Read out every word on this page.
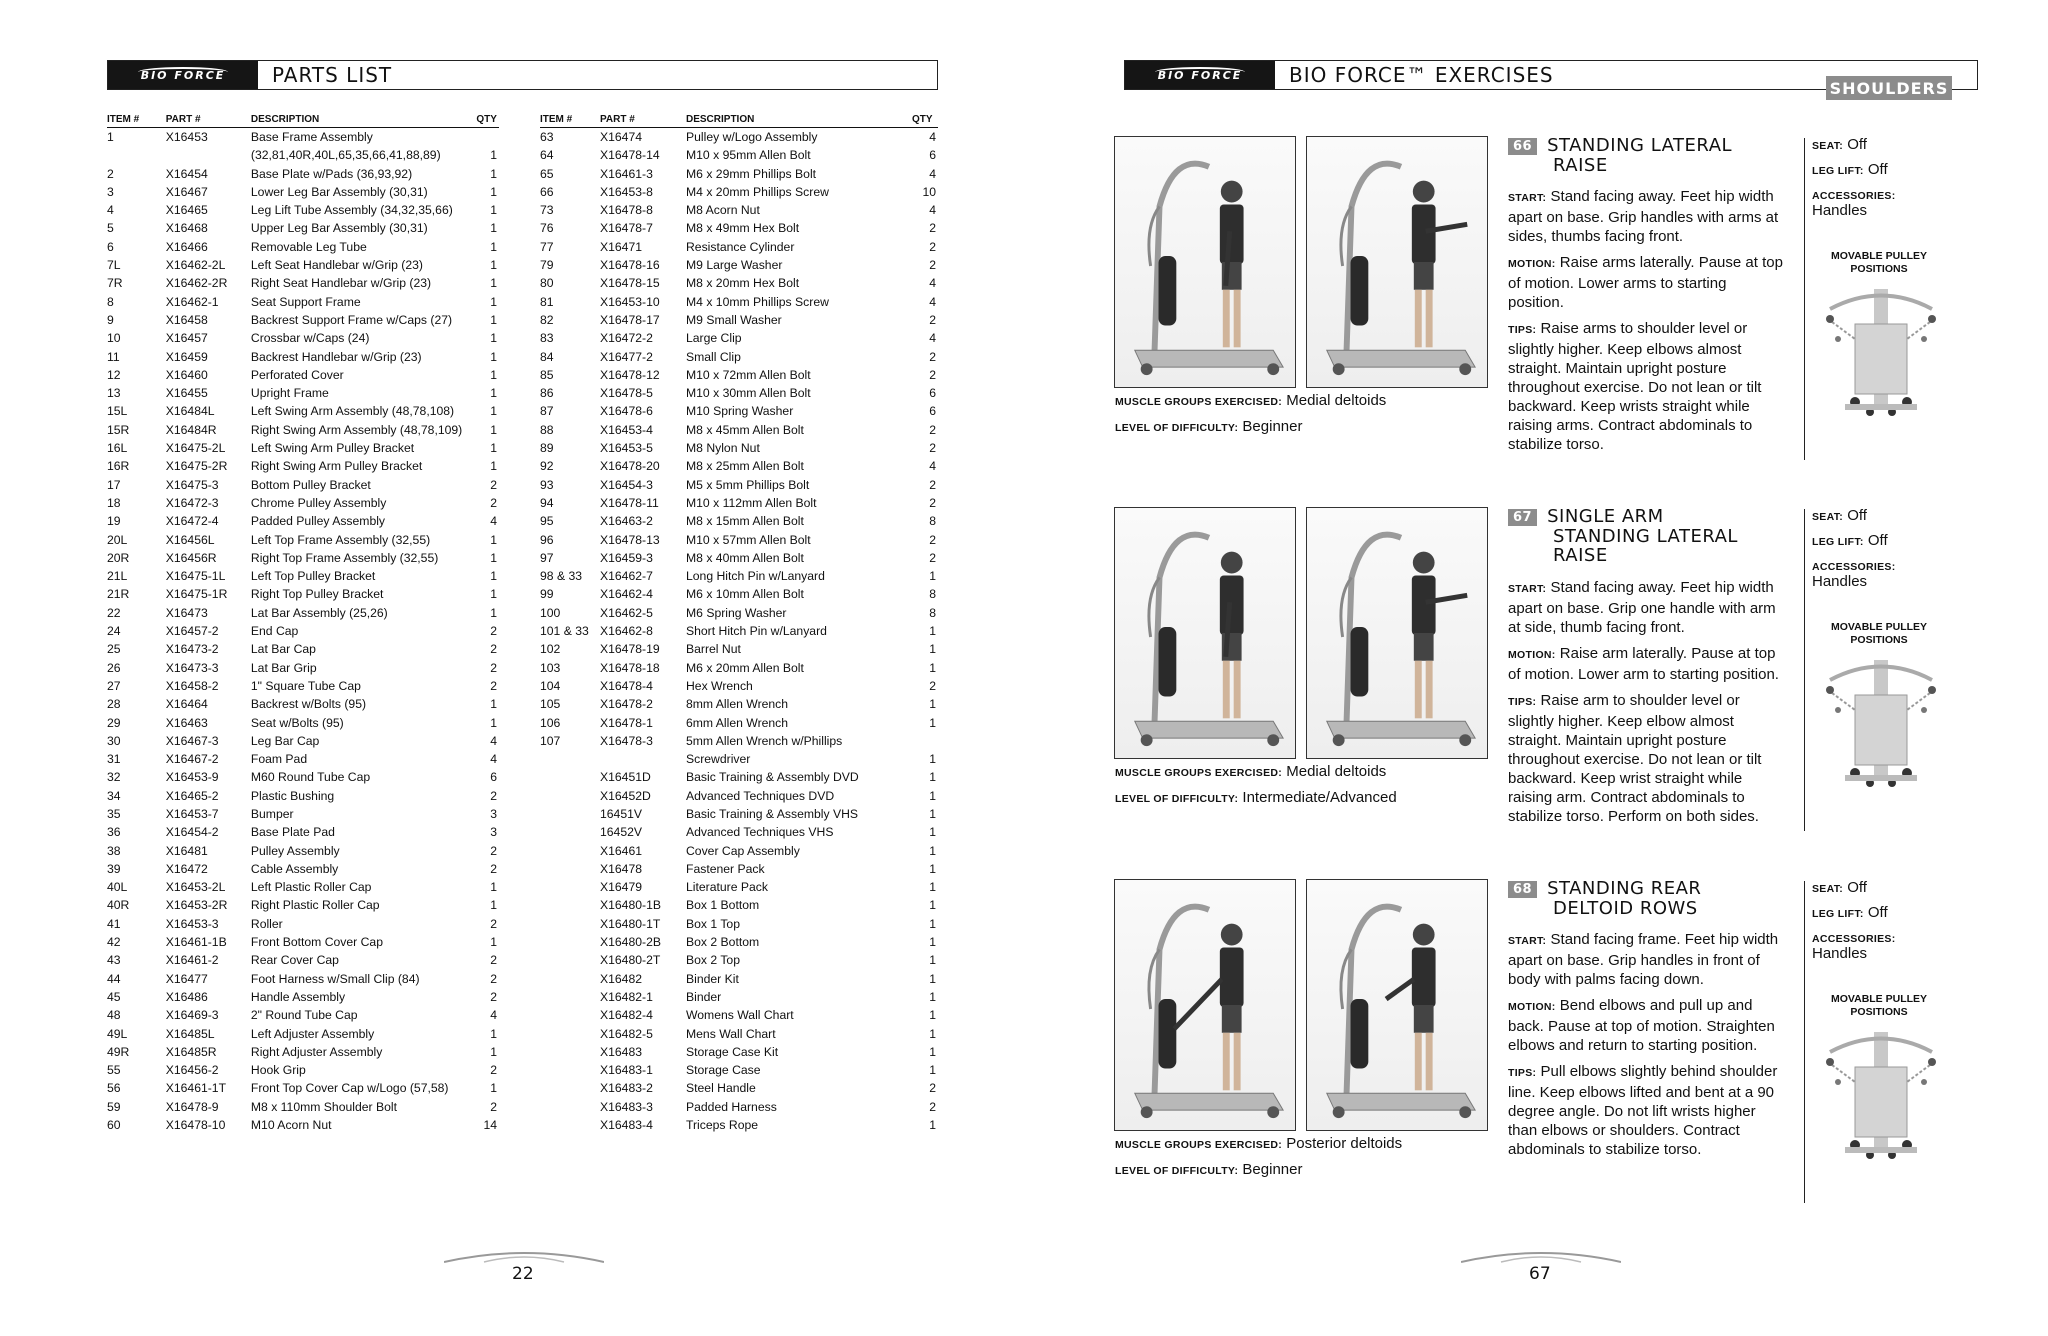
BIO FORCE	PARTS LIST
ITEM #	PART #	DESCRIPTION	QTY
1	X16453	Base Frame Assembly	
		(32,81,40R,40L,65,35,66,41,88,89)	1
2	X16454	Base Plate w/Pads (36,93,92)	1
3	X16467	Lower Leg Bar Assembly (30,31)	1
4	X16465	Leg Lift Tube Assembly (34,32,35,66)	1
5	X16468	Upper Leg Bar Assembly (30,31)	1
6	X16466	Removable Leg Tube	1
7L	X16462-2L	Left Seat Handlebar w/Grip (23)	1
7R	X16462-2R	Right Seat Handlebar w/Grip (23)	1
8	X16462-1	Seat Support Frame	1
9	X16458	Backrest Support Frame w/Caps (27)	1
10	X16457	Crossbar w/Caps (24)	1
11	X16459	Backrest Handlebar w/Grip (23)	1
12	X16460	Perforated Cover	1
13	X16455	Upright Frame	1
15L	X16484L	Left Swing Arm Assembly (48,78,108)	1
15R	X16484R	Right Swing Arm Assembly (48,78,109)	1
16L	X16475-2L	Left Swing Arm Pulley Bracket	1
16R	X16475-2R	Right Swing Arm Pulley Bracket	1
17	X16475-3	Bottom Pulley Bracket	2
18	X16472-3	Chrome Pulley Assembly	2
19	X16472-4	Padded Pulley Assembly	4
20L	X16456L	Left Top Frame Assembly (32,55)	1
20R	X16456R	Right Top Frame Assembly (32,55)	1
21L	X16475-1L	Left Top Pulley Bracket	1
21R	X16475-1R	Right Top Pulley Bracket	1
22	X16473	Lat Bar Assembly (25,26)	1
24	X16457-2	End Cap	2
25	X16473-2	Lat Bar Cap	2
26	X16473-3	Lat Bar Grip	2
27	X16458-2	1" Square Tube Cap	2
28	X16464	Backrest w/Bolts (95)	1
29	X16463	Seat w/Bolts (95)	1
30	X16467-3	Leg Bar Cap	4
31	X16467-2	Foam Pad	4
32	X16453-9	M60 Round Tube Cap	6
34	X16465-2	Plastic Bushing	2
35	X16453-7	Bumper	3
36	X16454-2	Base Plate Pad	3
38	X16481	Pulley Assembly	2
39	X16472	Cable Assembly	2
40L	X16453-2L	Left Plastic Roller Cap	1
40R	X16453-2R	Right Plastic Roller Cap	1
41	X16453-3	Roller	2
42	X16461-1B	Front Bottom Cover Cap	1
43	X16461-2	Rear Cover Cap	2
44	X16477	Foot Harness w/Small Clip (84)	2
45	X16486	Handle Assembly	2
48	X16469-3	2" Round Tube Cap	4
49L	X16485L	Left Adjuster Assembly	1
49R	X16485R	Right Adjuster Assembly	1
55	X16456-2	Hook Grip	2
56	X16461-1T	Front Top Cover Cap w/Logo (57,58)	1
59	X16478-9	M8 x 110mm Shoulder Bolt	2
60	X16478-10	M10 Acorn Nut	14
ITEM #	PART #	DESCRIPTION	QTY
63	X16474	Pulley w/Logo Assembly	4
64	X16478-14	M10 x 95mm Allen Bolt	6
65	X16461-3	M6 x 29mm Phillips Bolt	4
66	X16453-8	M4 x 20mm Phillips Screw	10
73	X16478-8	M8 Acorn Nut	4
76	X16478-7	M8 x 49mm Hex Bolt	2
77	X16471	Resistance Cylinder	2
79	X16478-16	M9 Large Washer	2
80	X16478-15	M8 x 20mm Hex Bolt	4
81	X16453-10	M4 x 10mm Phillips Screw	4
82	X16478-17	M9 Small Washer	2
83	X16472-2	Large Clip	4
84	X16477-2	Small Clip	2
85	X16478-12	M10 x 72mm Allen Bolt	2
86	X16478-5	M10 x 30mm Allen Bolt	6
87	X16478-6	M10 Spring Washer	6
88	X16453-4	M8 x 45mm Allen Bolt	2
89	X16453-5	M8 Nylon Nut	2
92	X16478-20	M8 x 25mm Allen Bolt	4
93	X16454-3	M5 x 5mm Phillips Bolt	2
94	X16478-11	M10 x 112mm Allen Bolt	2
95	X16463-2	M8 x 15mm Allen Bolt	8
96	X16478-13	M10 x 57mm Allen Bolt	2
97	X16459-3	M8 x 40mm Allen Bolt	2
98 & 33	X16462-7	Long Hitch Pin w/Lanyard	1
99	X16462-4	M6 x 10mm Allen Bolt	8
100	X16462-5	M6 Spring Washer	8
101 & 33	X16462-8	Short Hitch Pin w/Lanyard	1
102	X16478-19	Barrel Nut	1
103	X16478-18	M6 x 20mm Allen Bolt	1
104	X16478-4	Hex Wrench	2
105	X16478-2	8mm Allen Wrench	1
106	X16478-1	6mm Allen Wrench	1
107	X16478-3	5mm Allen Wrench w/Phillips	
		Screwdriver	1
	X16451D	Basic Training & Assembly DVD	1
	X16452D	Advanced Techniques DVD	1
	16451V	Basic Training & Assembly VHS	1
	16452V	Advanced Techniques VHS	1
	X16461	Cover Cap Assembly	1
	X16478	Fastener Pack	1
	X16479	Literature Pack	1
	X16480-1B	Box 1 Bottom	1
	X16480-1T	Box 1 Top	1
	X16480-2B	Box 2 Bottom	1
	X16480-2T	Box 2 Top	1
	X16482	Binder Kit	1
	X16482-1	Binder	1
	X16482-4	Womens Wall Chart	1
	X16482-5	Mens Wall Chart	1
	X16483	Storage Case Kit	1
	X16483-1	Storage Case	1
	X16483-2	Steel Handle	2
	X16483-3	Padded Harness	2
	X16483-4	Triceps Rope	1
22
BIO FORCE	BIO FORCE™ EXERCISES
SHOULDERS
MUSCLE GROUPS EXERCISED: Medial deltoids
LEVEL OF DIFFICULTY: Beginner
66 STANDING LATERAL
RAISE

START: Stand facing away. Feet hip width apart on base. Grip handles with arms at sides, thumbs facing front.

MOTION: Raise arms laterally. Pause at top of motion. Lower arms to starting position.

TIPS: Raise arms to shoulder level or slightly higher. Keep elbows almost straight. Maintain upright posture throughout exercise. Do not lean or tilt backward. Keep wrists straight while raising arms. Contract abdominals to stabilize torso.

SEAT: Off
LEG LIFT: Off
ACCESSORIES:
Handles
MOVABLE PULLEY
POSITIONS
MUSCLE GROUPS EXERCISED: Medial deltoids
LEVEL OF DIFFICULTY: Intermediate/Advanced
67 SINGLE ARM
STANDING LATERAL
RAISE

START: Stand facing away. Feet hip width apart on base. Grip one handle with arm at side, thumb facing front.

MOTION: Raise arm laterally. Pause at top of motion. Lower arm to starting position.

TIPS: Raise arm to shoulder level or slightly higher. Keep elbow almost straight. Maintain upright posture throughout exercise. Do not lean or tilt backward. Keep wrist straight while raising arm. Contract abdominals to stabilize torso. Perform on both sides.

SEAT: Off
LEG LIFT: Off
ACCESSORIES:
Handles
MOVABLE PULLEY
POSITIONS
MUSCLE GROUPS EXERCISED: Posterior deltoids
LEVEL OF DIFFICULTY: Beginner
68 STANDING REAR
DELTOID ROWS

START: Stand facing frame. Feet hip width apart on base. Grip handles in front of body with palms facing down.

MOTION: Bend elbows and pull up and back. Pause at top of motion. Straighten elbows and return to starting position.

TIPS: Pull elbows slightly behind shoulder line. Keep elbows lifted and bent at a 90 degree angle. Do not lift wrists higher than elbows or shoulders. Contract abdominals to stabilize torso.

SEAT: Off
LEG LIFT: Off
ACCESSORIES:
Handles
MOVABLE PULLEY
POSITIONS
67
